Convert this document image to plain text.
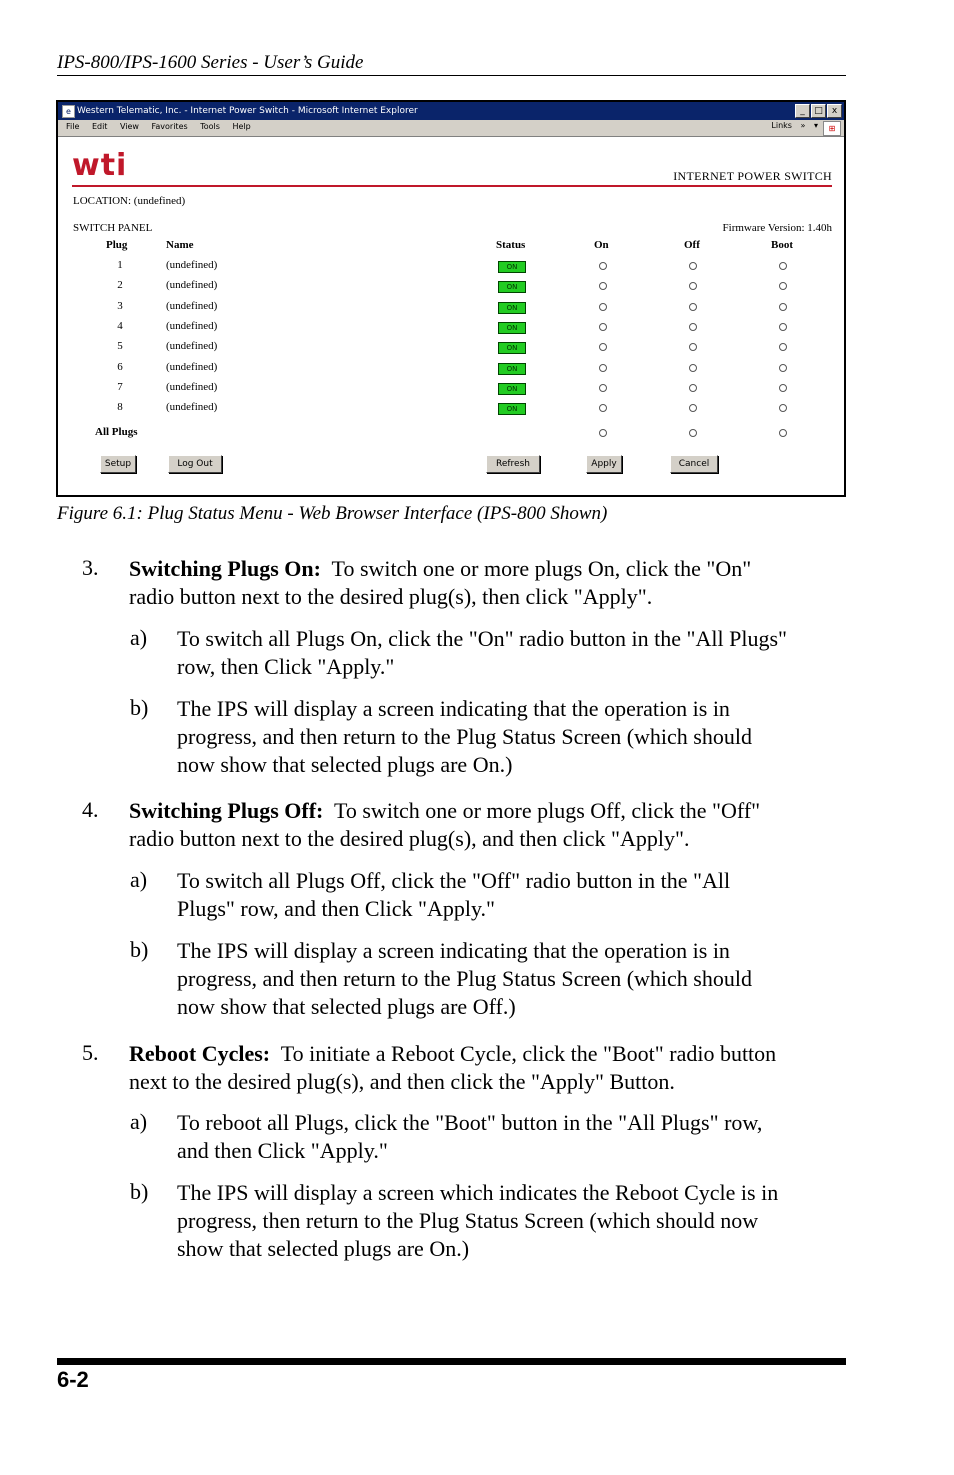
IPS-800/IPS-1600 Series - User’s Guide
e Western Telematic, Inc. - Internet Power Switch - Microsoft Internet Explorer	_	□	x
File Edit View Favorites Tools Help	Links » ▾	⊞
wti	INTERNET POWER SWITCH
LOCATION: (undefined)
SWITCH PANEL	Firmware Version: 1.40h
Plug	Name	Status	On	Off	Boot
1	(undefined)	ON
2	(undefined)	ON
3	(undefined)	ON
4	(undefined)	ON
5	(undefined)	ON
6	(undefined)	ON
7	(undefined)	ON
8	(undefined)	ON
All Plugs
Setup	Log Out	Refresh	Apply	Cancel
Figure 6.1: Plug Status Menu - Web Browser Interface (IPS-800 Shown)
3. Switching Plugs On:  To switch one or more plugs On, click the "On"
radio button next to the desired plug(s), then click "Apply".
a) To switch all Plugs On, click the "On" radio button in the "All Plugs"
row, then Click "Apply."
b) The IPS will display a screen indicating that the operation is in
progress, and then return to the Plug Status Screen (which should
now show that selected plugs are On.)
4. Switching Plugs Off:  To switch one or more plugs Off, click the "Off"
radio button next to the desired plug(s), and then click "Apply".
a) To switch all Plugs Off, click the "Off" radio button in the "All
Plugs" row, and then Click "Apply."
b) The IPS will display a screen indicating that the operation is in
progress, and then return to the Plug Status Screen (which should
now show that selected plugs are Off.)
5. Reboot Cycles:  To initiate a Reboot Cycle, click the "Boot" radio button
next to the desired plug(s), and then click the "Apply" Button.
a) To reboot all Plugs, click the "Boot" button in the "All Plugs" row,
and then Click "Apply."
b) The IPS will display a screen which indicates the Reboot Cycle is in
progress, then return to the Plug Status Screen (which should now
show that selected plugs are On.)
6-2
